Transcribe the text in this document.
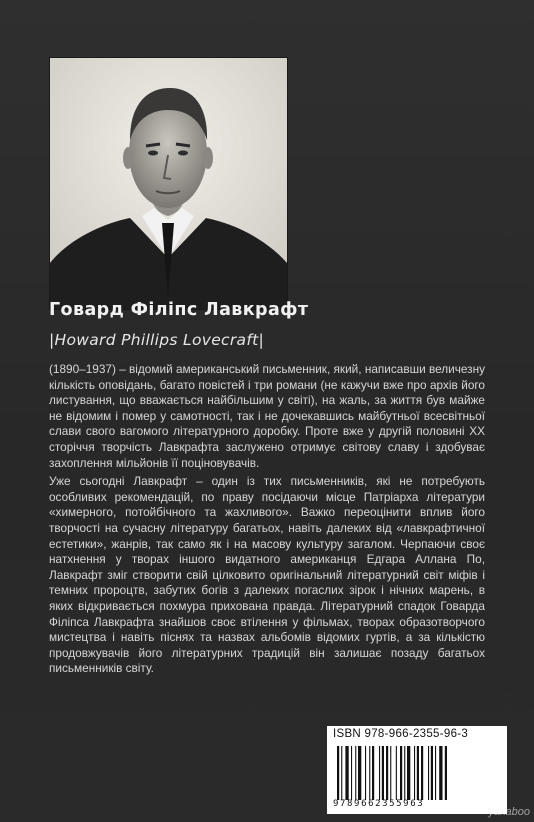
Говард Філіпс Лавкрафт
|Howard Phillips Lovecraft|

(1890–1937) – відомий американський письменник, який, написавши величезну кількість оповідань, багато повістей і три романи (не кажучи вже про архів його листування, що вважається найбільшим у світі), на жаль, за життя був майже не відомим і помер у самотності, так і не дочекавшись майбутньої всесвітньої слави свого вагомого літературного доробку. Проте вже у другій половині XX сторіччя творчість Лавкрафта заслужено отримує світову славу і здобуває захоплення мільйонів її поціновувачів.

Уже сьогодні Лавкрафт – один із тих письменників, які не потребують особливих рекомендацій, по праву посідаючи місце Патріарха літератури «химерного, потойбічного та жахливого». Важко переоцінити вплив його творчості на сучасну літературу багатьох, навіть далеких від «лавкрафтичної естетики», жанрів, так само як і на масову культуру загалом. Черпаючи своє натхнення у творах іншого видатного американця Едгара Аллана По, Лавкрафт зміг створити свій цілковито оригінальний літературний світ міфів і темних пророцтв, забутих богів з далеких погаслих зірок і нічних марень, в яких відкривається похмура прихована правда. Літературний спадок Говарда Філіпса Лавкрафта знайшов своє втілення у фільмах, творах образотворчого мистецтва і навіть піснях та назвах альбомів відомих гуртів, а за кількістю продовжувачів його літературних традицій він залишає позаду багатьох письменників світу.

ISBN 978-966-2355-96-3
9789662355963
yakaboo
